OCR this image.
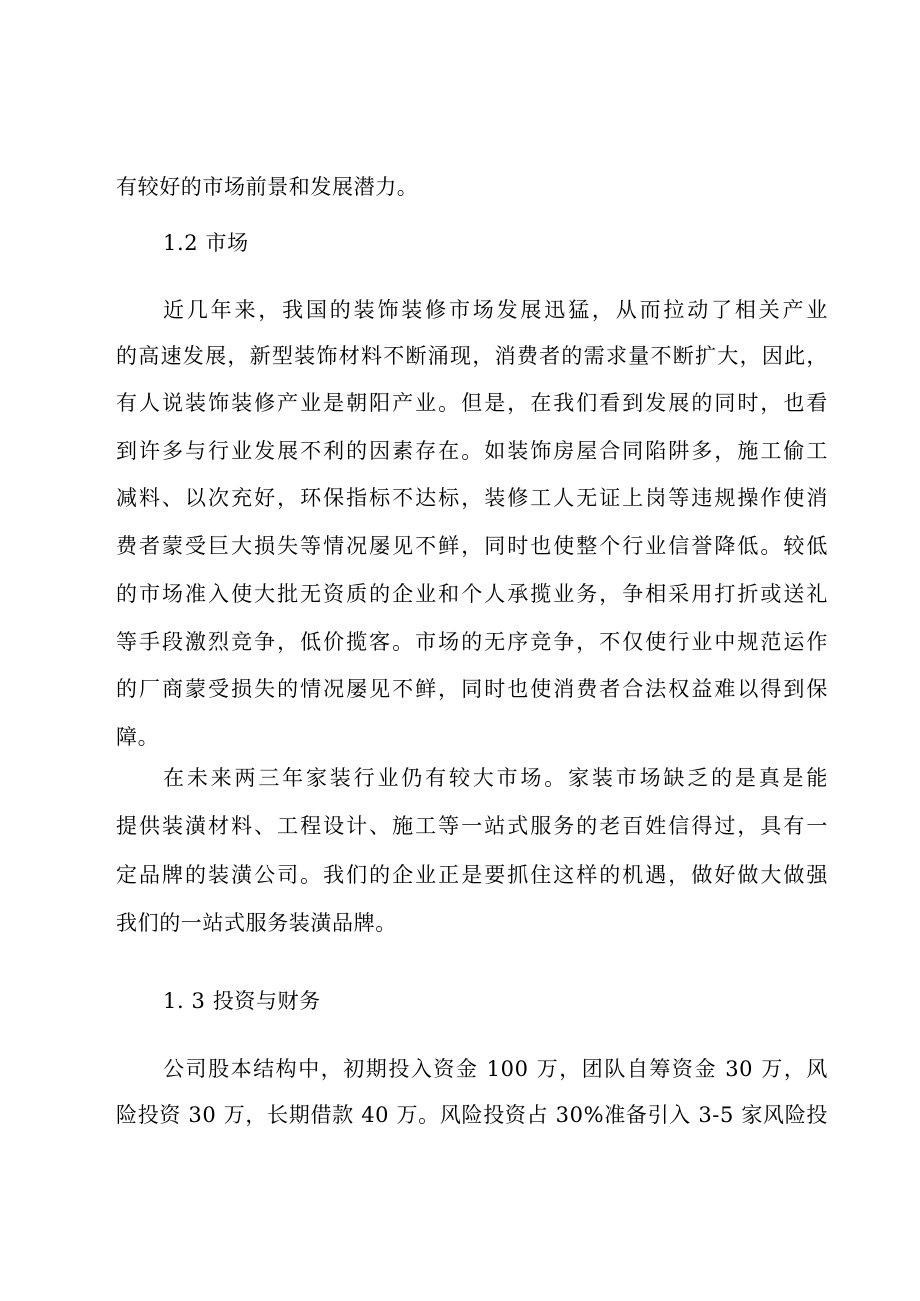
有较好的市场前景和发展潜力。
1.2 市场
近几年来，我国的装饰装修市场发展迅猛，从而拉动了相关产业
的高速发展，新型装饰材料不断涌现，消费者的需求量不断扩大，因此，
有人说装饰装修产业是朝阳产业。但是，在我们看到发展的同时，也看
到许多与行业发展不利的因素存在。如装饰房屋合同陷阱多，施工偷工
减料、以次充好，环保指标不达标，装修工人无证上岗等违规操作使消
费者蒙受巨大损失等情况屡见不鲜，同时也使整个行业信誉降低。较低
的市场准入使大批无资质的企业和个人承揽业务，争相采用打折或送礼
等手段激烈竞争，低价揽客。市场的无序竞争，不仅使行业中规范运作
的厂商蒙受损失的情况屡见不鲜，同时也使消费者合法权益难以得到保
障。
在未来两三年家装行业仍有较大市场。家装市场缺乏的是真是能
提供装潢材料、工程设计、施工等一站式服务的老百姓信得过，具有一
定品牌的装潢公司。我们的企业正是要抓住这样的机遇，做好做大做强
我们的一站式服务装潢品牌。
1. 3 投资与财务
公司股本结构中，初期投入资金 100 万，团队自筹资金 30 万，风
险投资 30 万，长期借款 40 万。风险投资占 30%准备引入 3-5 家风险投
